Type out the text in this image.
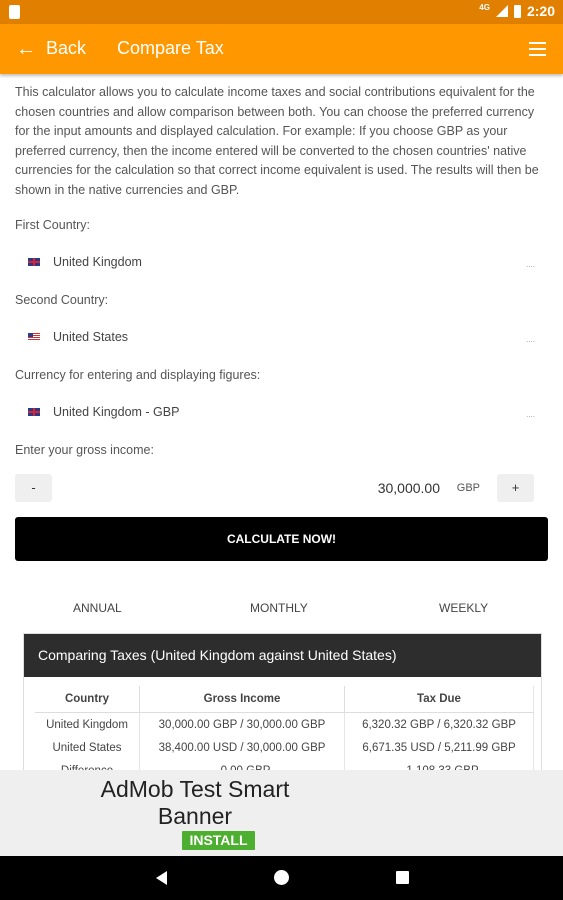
4G	2:20
← Back Compare Tax
This calculator allows you to calculate income taxes and social contributions equivalent for the chosen countries and allow comparison between both. You can choose the preferred currency for the input amounts and displayed calculation. For example: If you choose GBP as your preferred currency, then the income entered will be converted to the chosen countries' native currencies for the calculation so that correct income equivalent is used. The results will then be shown in the native currencies and GBP.
First Country:
United Kingdom	....
Second Country:
United States	....
Currency for entering and displaying figures:
United Kingdom - GBP	....
Enter your gross income:
-	30,000.00 GBP	+
CALCULATE NOW!
ANNUAL	MONTHLY	WEEKLY
Comparing Taxes (United Kingdom against United States)
Country	Gross Income	Tax Due
United Kingdom	30,000.00 GBP / 30,000.00 GBP	6,320.32 GBP / 6,320.32 GBP
United States	38,400.00 USD / 30,000.00 GBP	6,671.35 USD / 5,211.99 GBP

AdMob Test Smart
Banner
INSTALL
